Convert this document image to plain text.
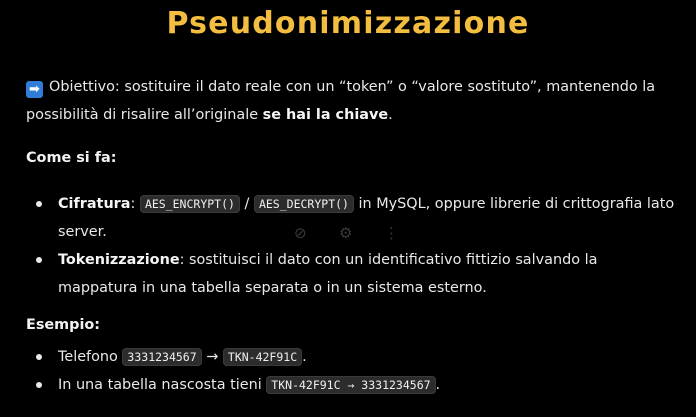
Pseudonimizzazione

➡ Obiettivo: sostituire il dato reale con un “token” o “valore sostituto”, mantenendo la possibilità di risalire all’originale se hai la chiave.

Come si fa:

Cifratura: AES_ENCRYPT() / AES_DECRYPT() in MySQL, oppure librerie di crittografia lato server.
Tokenizzazione: sostituisci il dato con un identificativo fittizio salvando la mappatura in una tabella separata o in un sistema esterno.

Esempio:

Telefono 3331234567 → TKN-42F91C .
In una tabella nascosta tieni TKN-42F91C → 3331234567 .
⊘ ⚙ ⋮
